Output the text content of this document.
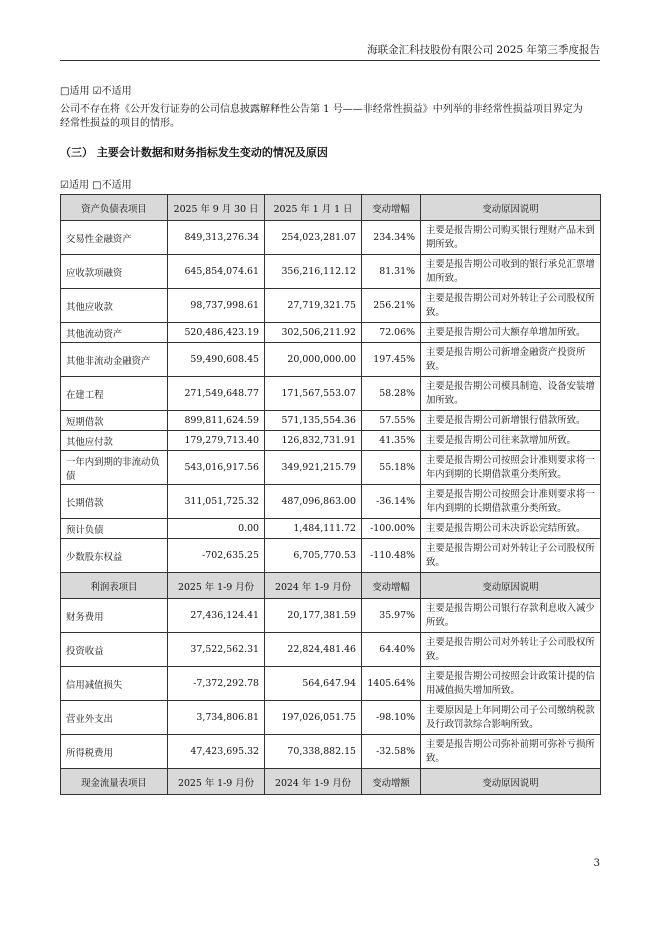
海联金汇科技股份有限公司 2025 年第三季度报告
□适用 ☑不适用
公司不存在将《公开发行证券的公司信息披露解释性公告第 1 号——非经常性损益》中列举的非经常性损益项目界定为
经常性损益的项目的情形。
（三） 主要会计数据和财务指标发生变动的情况及原因
☑适用 □不适用
资产负债表项目	2025 年 9 月 30 日	2025 年 1 月 1 日	变动增幅	变动原因说明
交易性金融资产	849,313,276.34	254,023,281.07	234.34%	主要是报告期公司购买银行理财产品未到期所致。
应收款项融资	645,854,074.61	356,216,112.12	81.31%	主要是报告期公司收到的银行承兑汇票增加所致。
其他应收款	98,737,998.61	27,719,321.75	256.21%	主要是报告期公司对外转让子公司股权所致。
其他流动资产	520,486,423.19	302,506,211.92	72.06%	主要是报告期公司大额存单增加所致。
其他非流动金融资产	59,490,608.45	20,000,000.00	197.45%	主要是报告期公司新增金融资产投资所致。
在建工程	271,549,648.77	171,567,553.07	58.28%	主要是报告期公司模具制造、设备安装增加所致。
短期借款	899,811,624.59	571,135,554.36	57.55%	主要是报告期公司新增银行借款所致。
其他应付款	179,279,713.40	126,832,731.91	41.35%	主要是报告期公司往来款增加所致。
一年内到期的非流动负债	543,016,917.56	349,921,215.79	55.18%	主要是报告期公司按照会计准则要求将一年内到期的长期借款重分类所致。
长期借款	311,051,725.32	487,096,863.00	-36.14%	主要是报告期公司按照会计准则要求将一年内到期的长期借款重分类所致。
预计负债	0.00	1,484,111.72	-100.00%	主要是报告期公司未决诉讼完结所致。
少数股东权益	-702,635.25	6,705,770.53	-110.48%	主要是报告期公司对外转让子公司股权所致。
利润表项目	2025 年 1-9 月份	2024 年 1-9 月份	变动增幅	变动原因说明
财务费用	27,436,124.41	20,177,381.59	35.97%	主要是报告期公司银行存款利息收入减少所致。
投资收益	37,522,562.31	22,824,481.46	64.40%	主要是报告期公司对外转让子公司股权所致。
信用减值损失	-7,372,292.78	564,647.94	1405.64%	主要是报告期公司按照会计政策计提的信用减值损失增加所致。
营业外支出	3,734,806.81	197,026,051.75	-98.10%	主要原因是上年同期公司子公司缴纳税款及行政罚款综合影响所致。
所得税费用	47,423,695.32	70,338,882.15	-32.58%	主要是报告期公司弥补前期可弥补亏损所致。
现金流量表项目	2025 年 1-9 月份	2024 年 1-9 月份	变动增额	变动原因说明
3
